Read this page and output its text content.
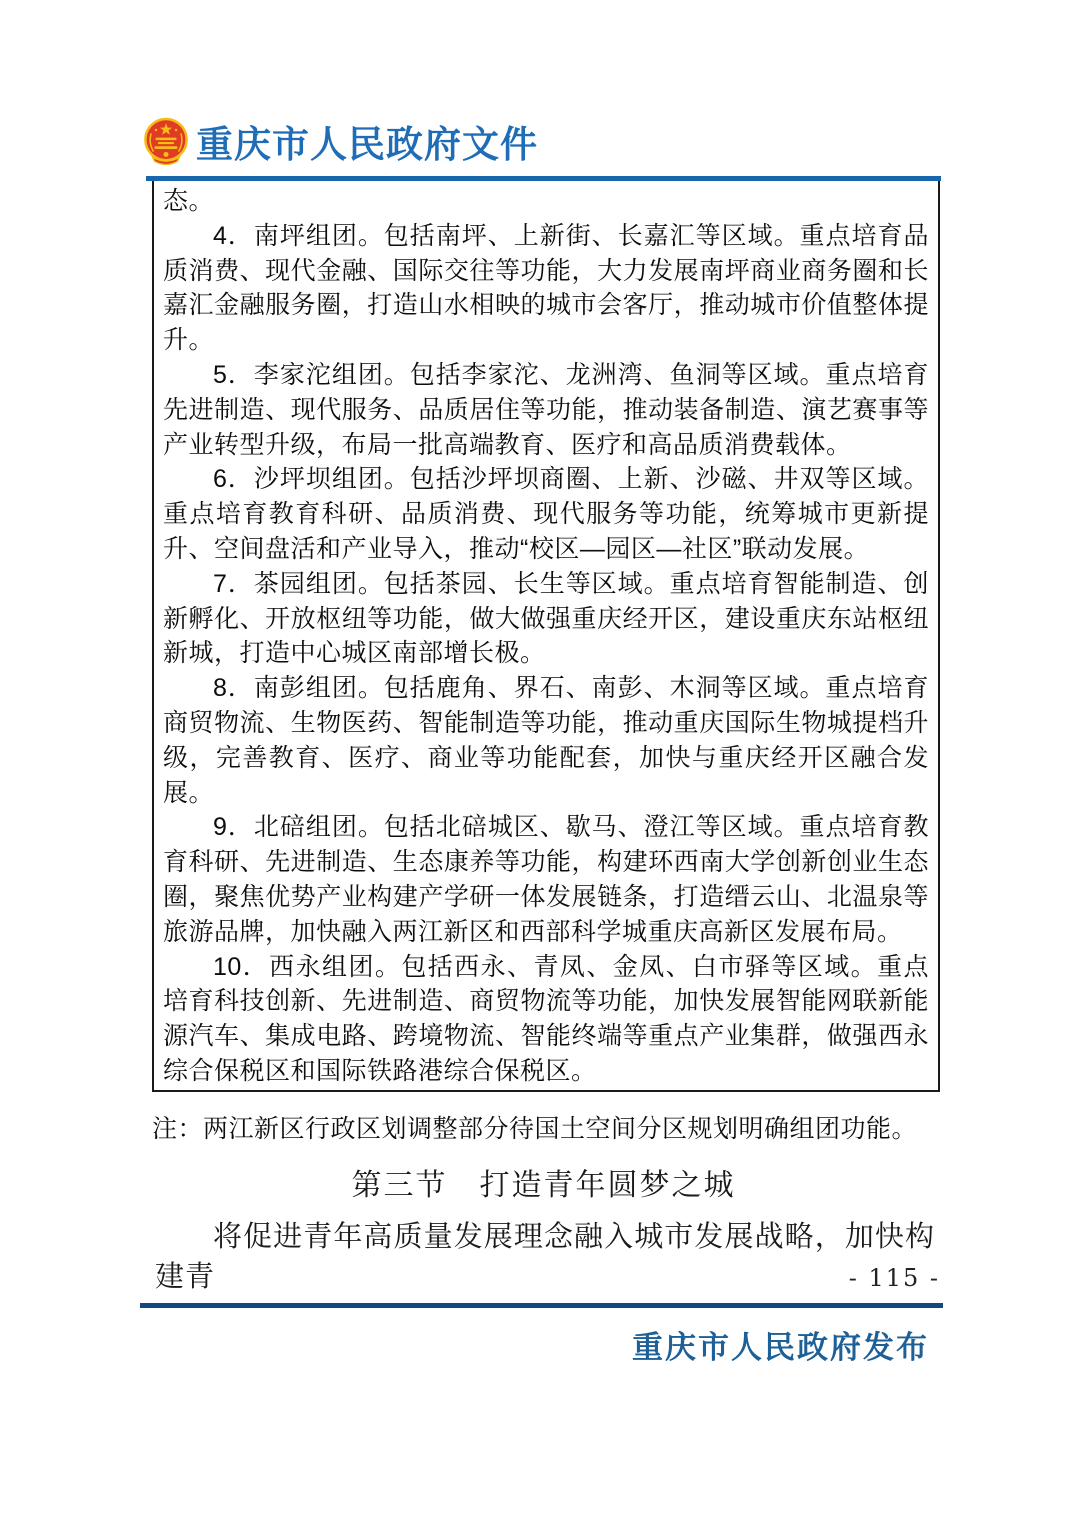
重庆市人民政府文件

态。

4．南坪组团。包括南坪、上新街、长嘉汇等区域。重点培育品质消费、现代金融、国际交往等功能，大力发展南坪商业商务圈和长嘉汇金融服务圈，打造山水相映的城市会客厅，推动城市价值整体提升。

5．李家沱组团。包括李家沱、龙洲湾、鱼洞等区域。重点培育先进制造、现代服务、品质居住等功能，推动装备制造、演艺赛事等产业转型升级，布局一批高端教育、医疗和高品质消费载体。

6．沙坪坝组团。包括沙坪坝商圈、上新、沙磁、井双等区域。重点培育教育科研、品质消费、现代服务等功能，统筹城市更新提升、空间盘活和产业导入，推动“校区—园区—社区”联动发展。

7．茶园组团。包括茶园、长生等区域。重点培育智能制造、创新孵化、开放枢纽等功能，做大做强重庆经开区，建设重庆东站枢纽新城，打造中心城区南部增长极。

8．南彭组团。包括鹿角、界石、南彭、木洞等区域。重点培育商贸物流、生物医药、智能制造等功能，推动重庆国际生物城提档升级，完善教育、医疗、商业等功能配套，加快与重庆经开区融合发展。

9．北碚组团。包括北碚城区、歇马、澄江等区域。重点培育教育科研、先进制造、生态康养等功能，构建环西南大学创新创业生态圈，聚焦优势产业构建产学研一体发展链条，打造缙云山、北温泉等旅游品牌，加快融入两江新区和西部科学城重庆高新区发展布局。

10．西永组团。包括西永、青凤、金凤、白市驿等区域。重点培育科技创新、先进制造、商贸物流等功能，加快发展智能网联新能源汽车、集成电路、跨境物流、智能终端等重点产业集群，做强西永综合保税区和国际铁路港综合保税区。

注：两江新区行政区划调整部分待国土空间分区规划明确组团功能。
第三节　打造青年圆梦之城
将促进青年高质量发展理念融入城市发展战略，加快构建青	- 115 -
重庆市人民政府发布
